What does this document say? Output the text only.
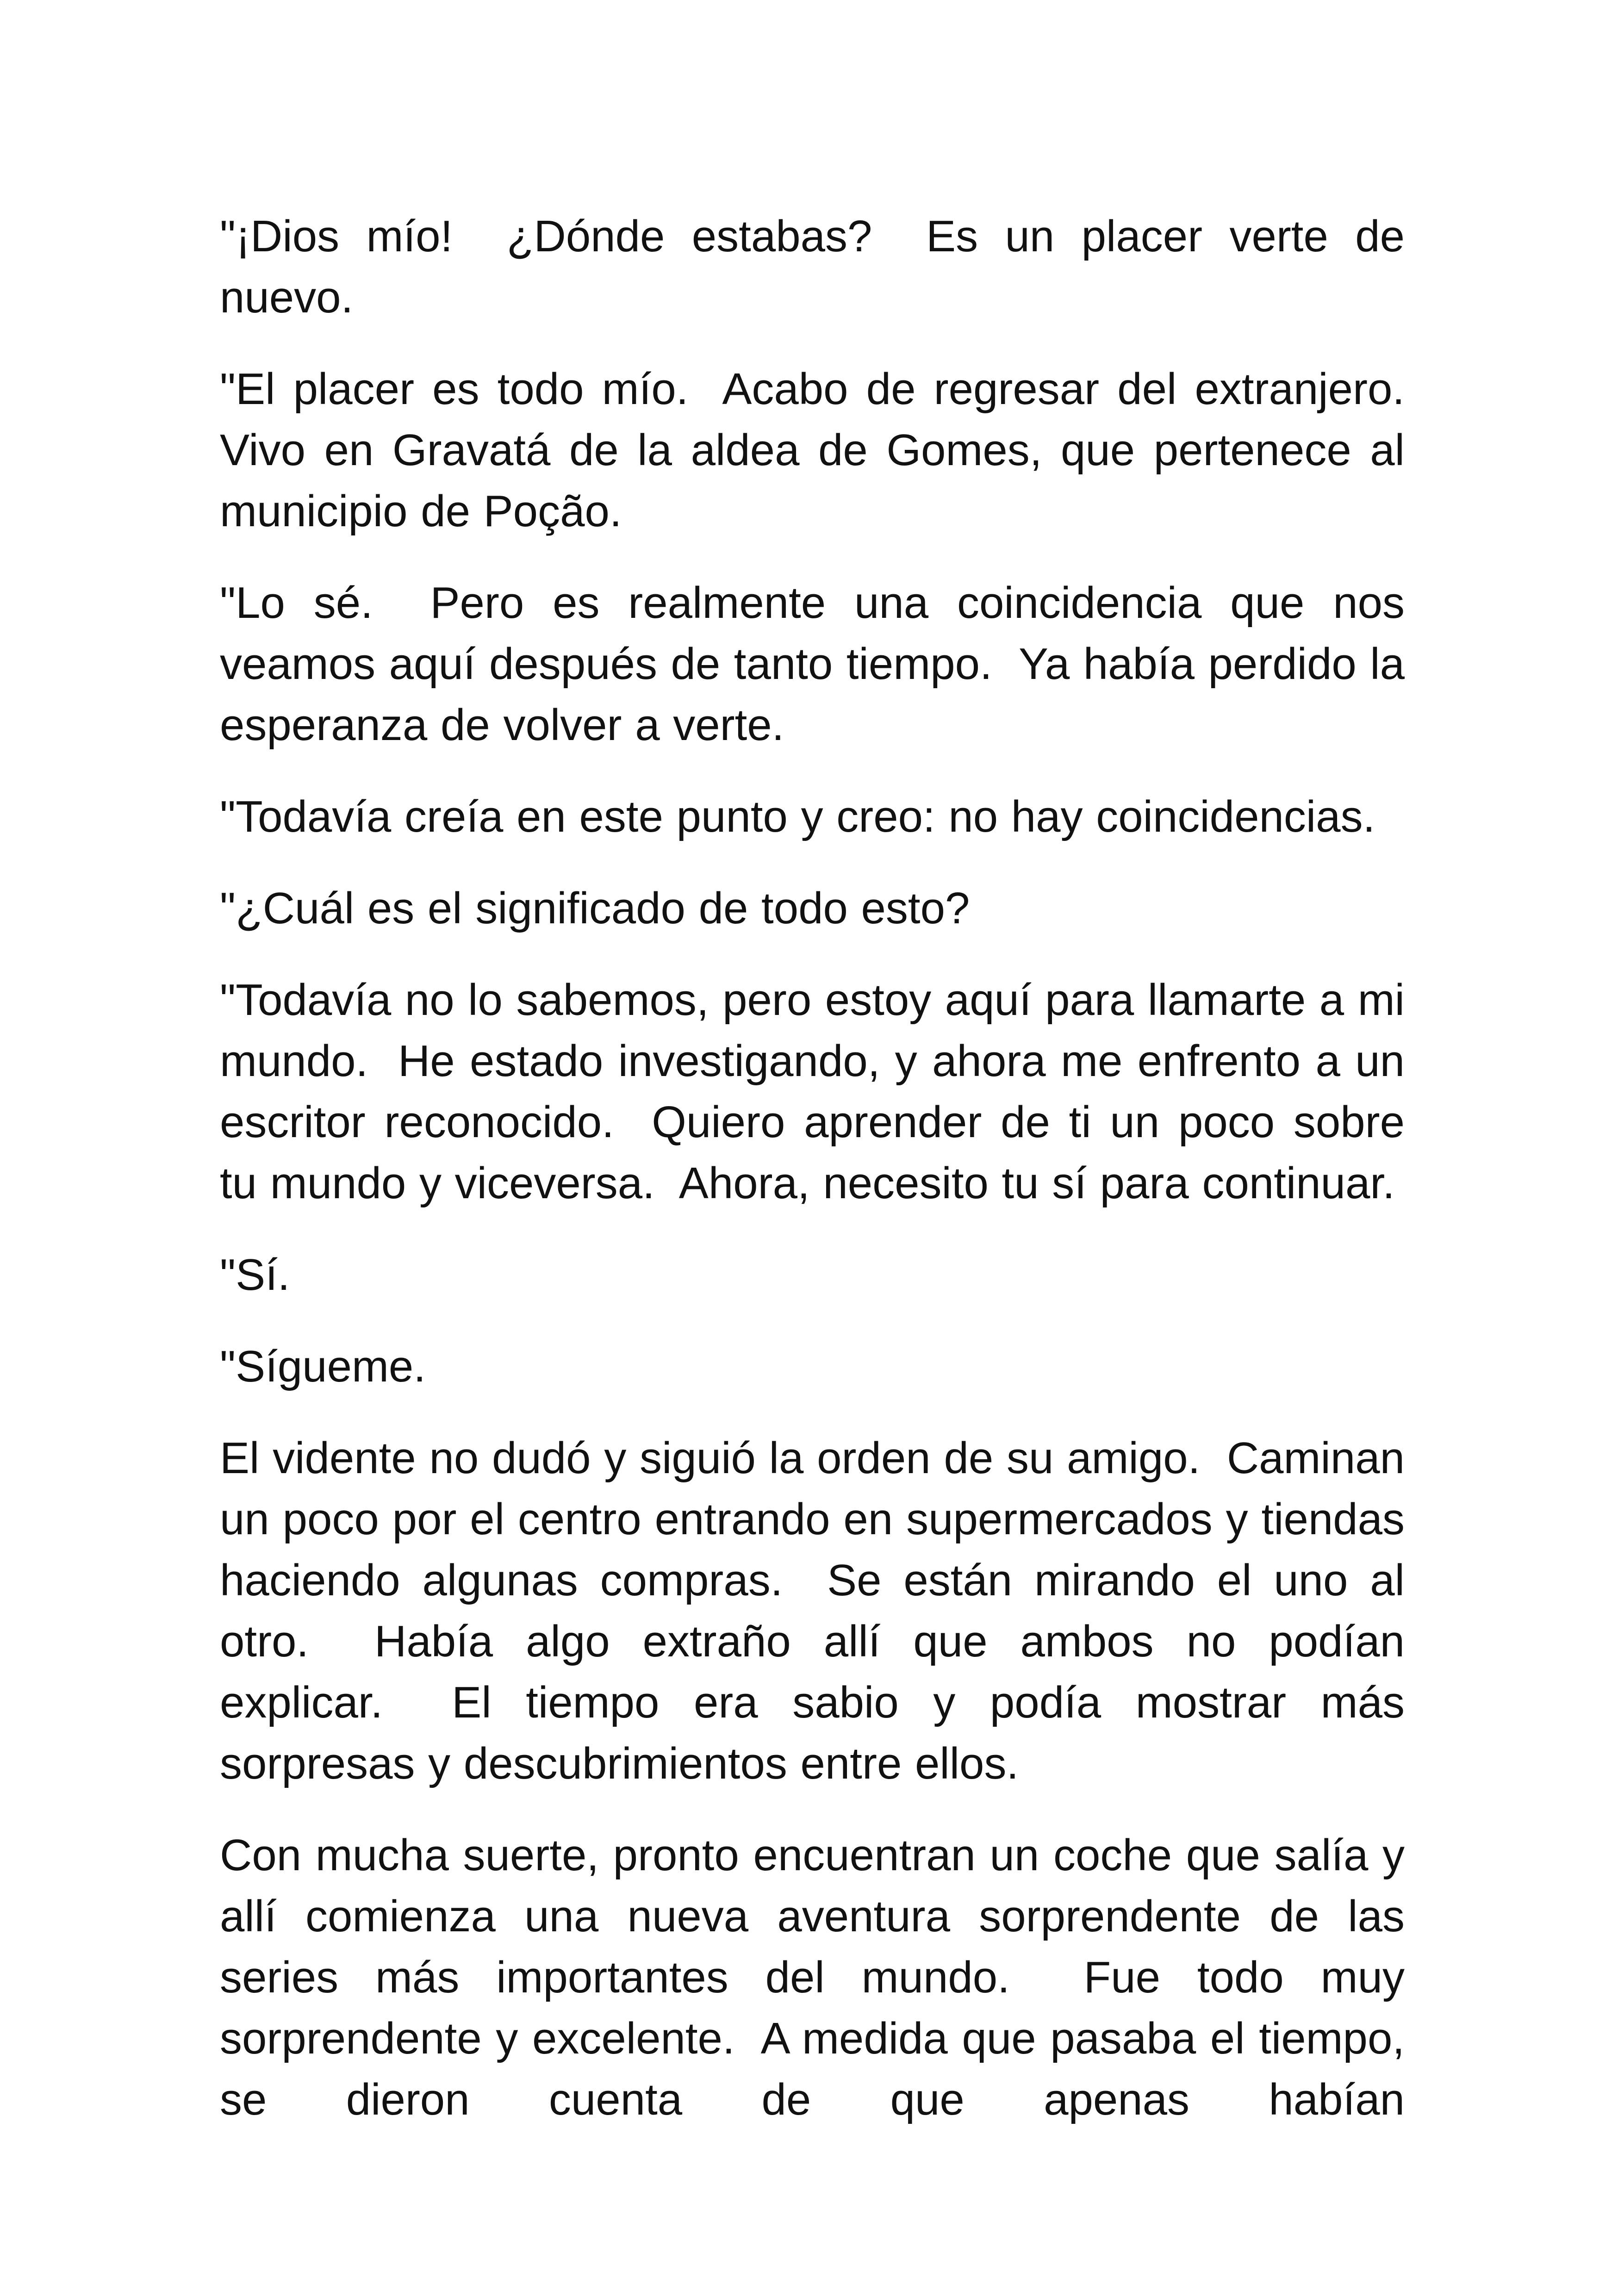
"¡Dios mío!  ¿Dónde estabas?  Es un placer verte de nuevo.

"El placer es todo mío.  Acabo de regresar del extranjero.  Vivo en Gravatá de la aldea de Gomes, que pertenece al municipio de Poção.

"Lo sé.  Pero es realmente una coincidencia que nos veamos aquí después de tanto tiempo.  Ya había perdido la esperanza de volver a verte.

"Todavía creía en este punto y creo: no hay coincidencias.

"¿Cuál es el significado de todo esto?

"Todavía no lo sabemos, pero estoy aquí para llamarte a mi mundo.  He estado investigando, y ahora me enfrento a un escritor reconocido.  Quiero aprender de ti un poco sobre tu mundo y viceversa.  Ahora, necesito tu sí para continuar.

"Sí.

"Sígueme.

El vidente no dudó y siguió la orden de su amigo.  Caminan un poco por el centro entrando en supermercados y tiendas haciendo algunas compras.  Se están mirando el uno al otro.  Había algo extraño allí que ambos no podían explicar.  El tiempo era sabio y podía mostrar más sorpresas y descubrimientos entre ellos.

Con mucha suerte, pronto encuentran un coche que salía y allí comienza una nueva aventura sorprendente de las series más importantes del mundo.  Fue todo muy sorprendente y excelente.  A medida que pasaba el tiempo, se dieron cuenta de que apenas habían
